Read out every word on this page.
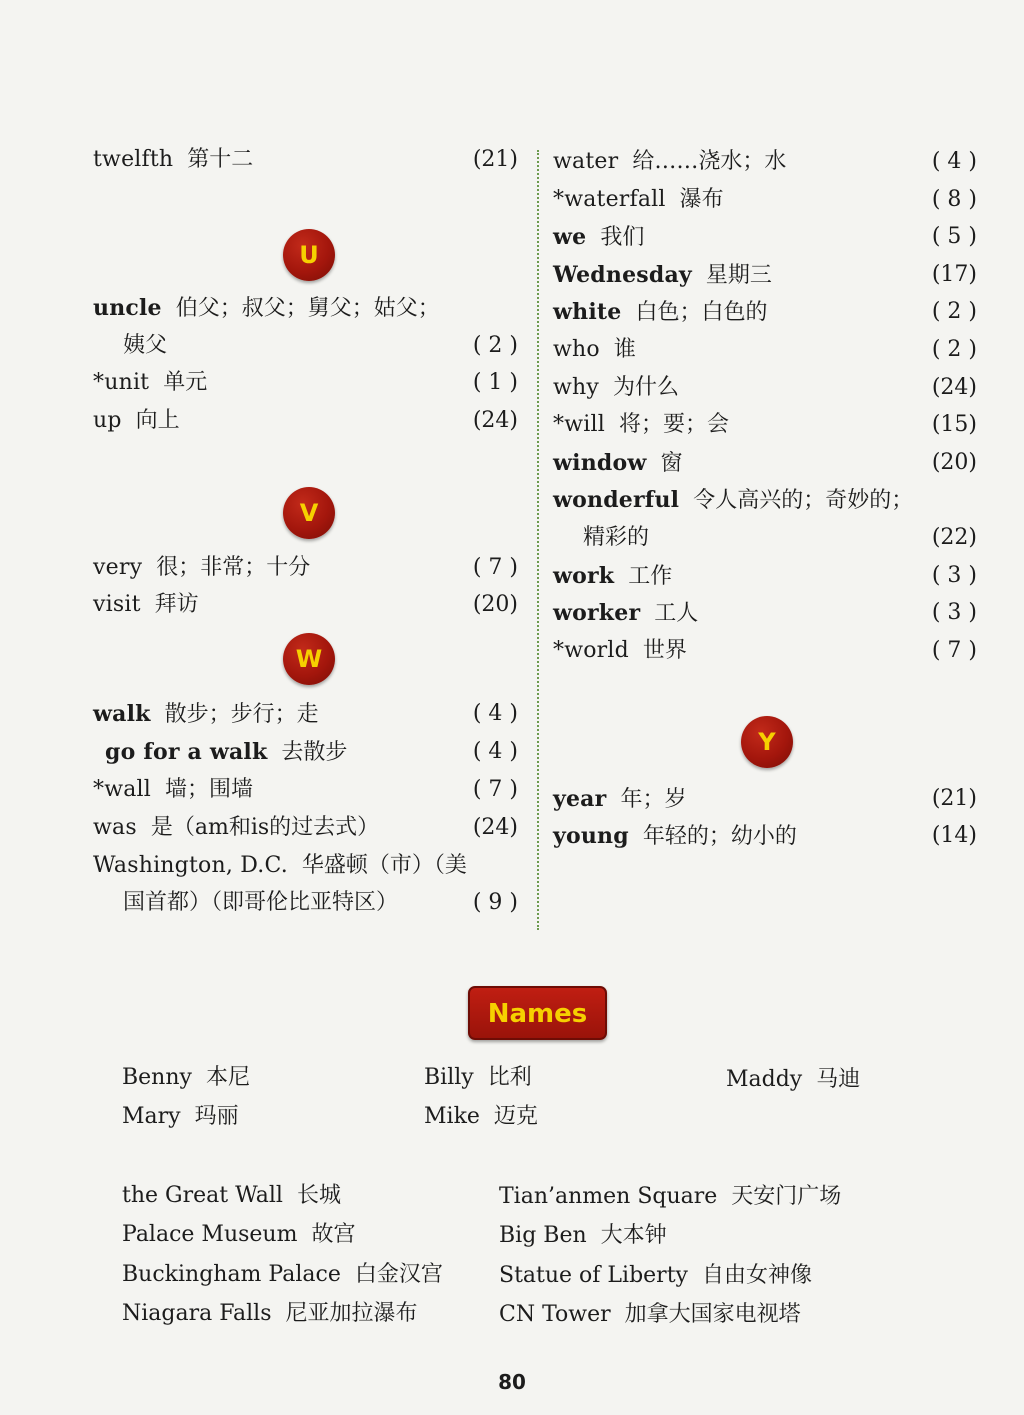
twelfth 第十二	(21)
U
uncle 伯父；叔父；舅父；姑父；
姨父	( 2 )
*unit 单元	( 1 )
up 向上	(24)
V
very 很；非常；十分	( 7 )
visit 拜访	(20)
W
walk 散步；步行；走	( 4 )
go for a walk 去散步	( 4 )
*wall 墙；围墙	( 7 )
was 是（am和is的过去式）	(24)
Washington, D.C. 华盛顿（市）（美
国首都）（即哥伦比亚特区）	( 9 )
water 给……浇水；水	( 4 )
*waterfall 瀑布	( 8 )
we 我们	( 5 )
Wednesday 星期三	(17)
white 白色；白色的	( 2 )
who 谁	( 2 )
why 为什么	(24)
*will 将；要；会	(15)
window 窗	(20)
wonderful 令人高兴的；奇妙的；
精彩的	(22)
work 工作	( 3 )
worker 工人	( 3 )
*world 世界	( 7 )
Y
year 年；岁	(21)
young 年轻的；幼小的	(14)
Names
Benny 本尼	Billy 比利	Maddy 马迪
Mary 玛丽	Mike 迈克
the Great Wall 长城	Tian’anmen Square 天安门广场
Palace Museum 故宫	Big Ben 大本钟
Buckingham Palace 白金汉宫	Statue of Liberty 自由女神像
Niagara Falls 尼亚加拉瀑布	CN Tower 加拿大国家电视塔
80
